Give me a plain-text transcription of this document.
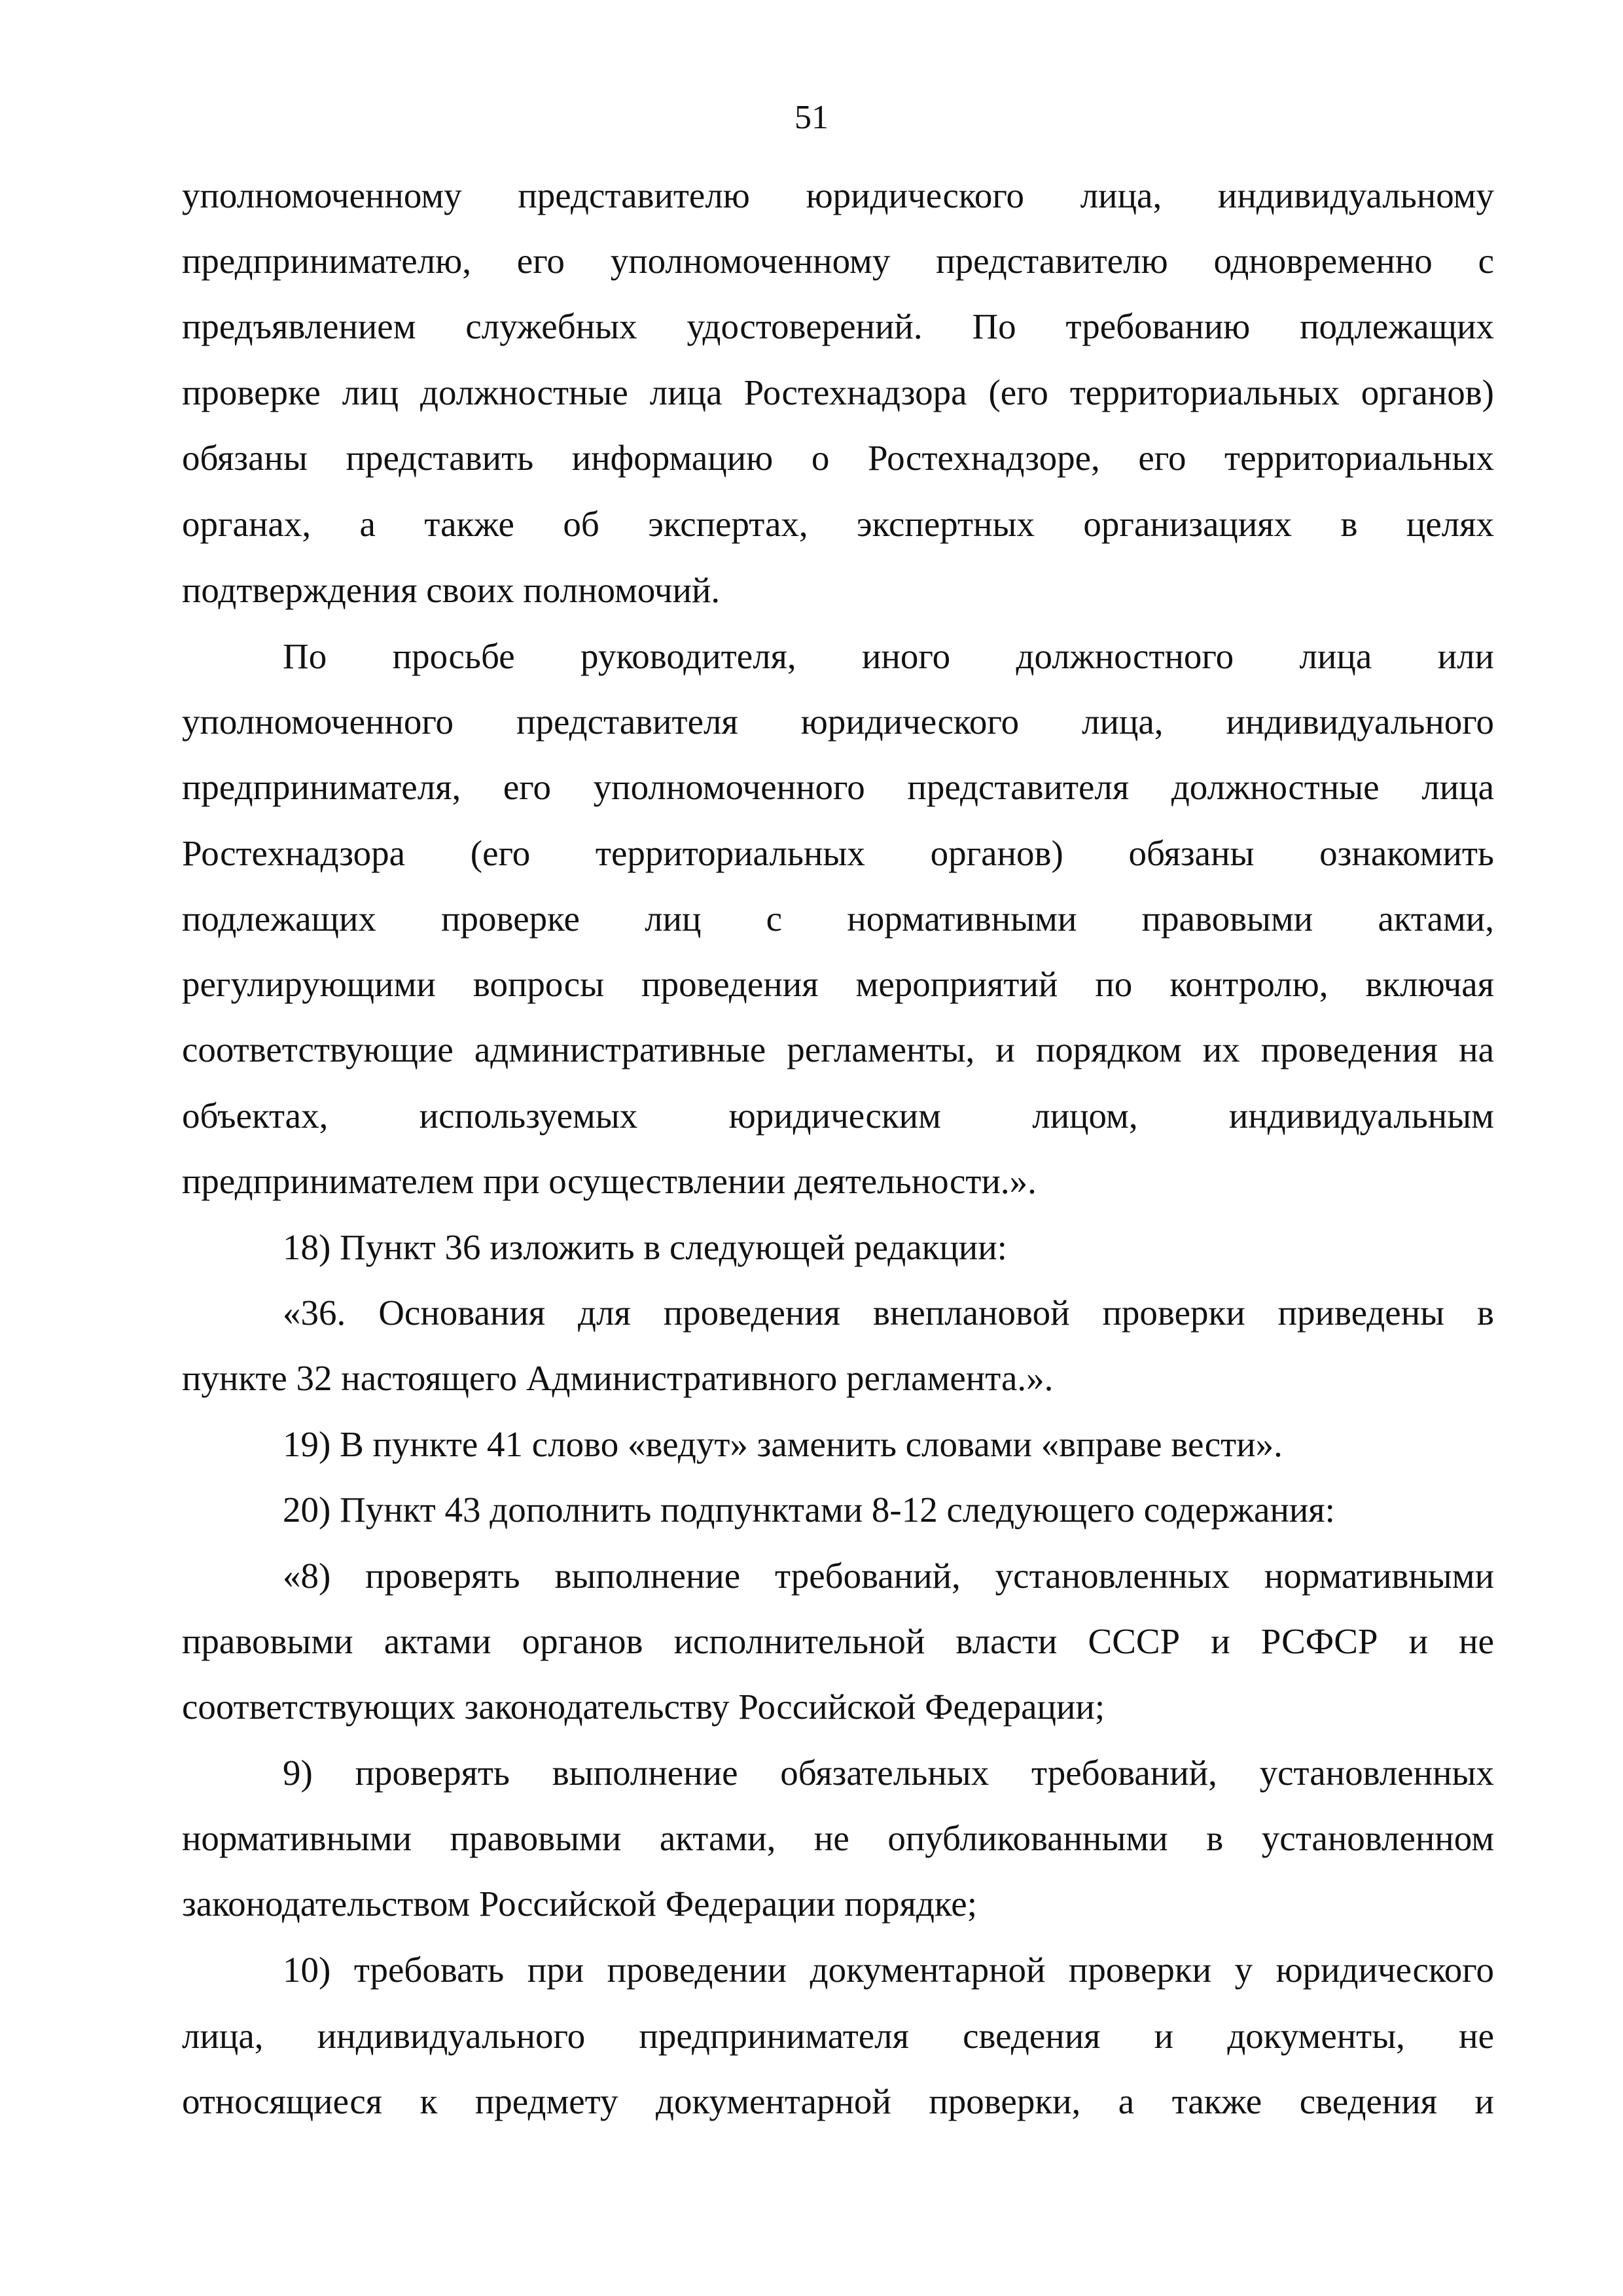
51
уполномоченному представителю юридического лица, индивидуальному
предпринимателю, его уполномоченному представителю одновременно с
предъявлением служебных удостоверений. По требованию подлежащих
проверке лиц должностные лица Ростехнадзора (его территориальных органов)
обязаны представить информацию о Ростехнадзоре, его территориальных
органах, а также об экспертах, экспертных организациях в целях
подтверждения своих полномочий.
По просьбе руководителя, иного должностного лица или
уполномоченного представителя юридического лица, индивидуального
предпринимателя, его уполномоченного представителя должностные лица
Ростехнадзора (его территориальных органов) обязаны ознакомить
подлежащих проверке лиц с нормативными правовыми актами,
регулирующими вопросы проведения мероприятий по контролю, включая
соответствующие административные регламенты, и порядком их проведения на
объектах, используемых юридическим лицом, индивидуальным
предпринимателем при осуществлении деятельности.».
18) Пункт 36 изложить в следующей редакции:
«36. Основания для проведения внеплановой проверки приведены в
пункте 32 настоящего Административного регламента.».
19) В пункте 41 слово «ведут» заменить словами «вправе вести».
20) Пункт 43 дополнить подпунктами 8-12 следующего содержания:
«8) проверять выполнение требований, установленных нормативными
правовыми актами органов исполнительной власти СССР и РСФСР и не
соответствующих законодательству Российской Федерации;
9) проверять выполнение обязательных требований, установленных
нормативными правовыми актами, не опубликованными в установленном
законодательством Российской Федерации порядке;
10) требовать при проведении документарной проверки у юридического
лица, индивидуального предпринимателя сведения и документы, не
относящиеся к предмету документарной проверки, а также сведения и
